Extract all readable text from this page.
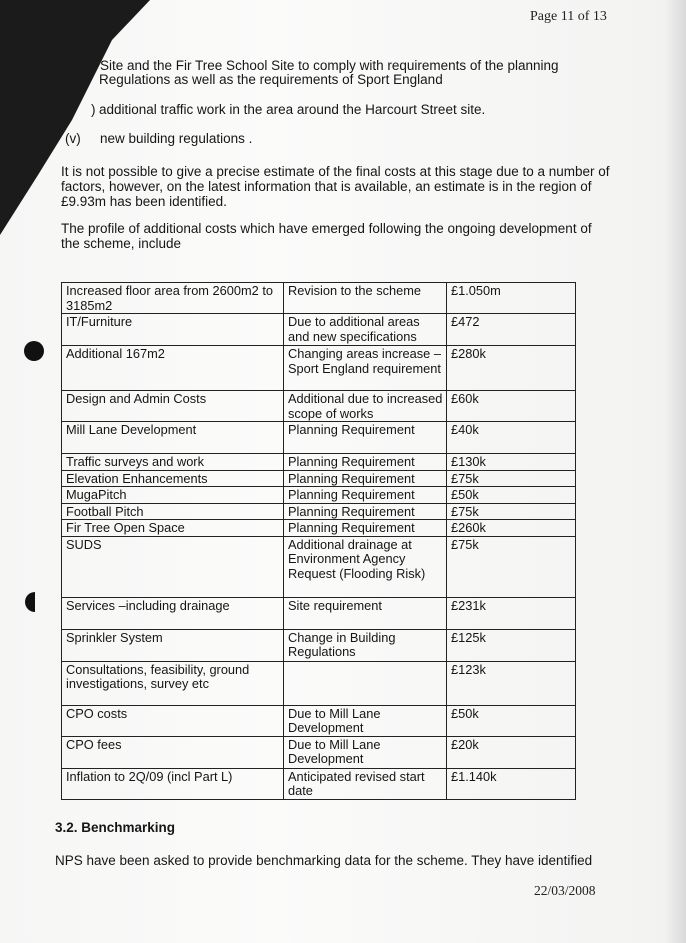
Page 11 of 13
Site and the Fir Tree School Site to comply with requirements of the planning
Regulations as well as the requirements of Sport England
) additional traffic work in the area around the Harcourt Street site.
(v) new building regulations .
It is not possible to give a precise estimate of the final costs at this stage due to a number of factors, however, on the latest information that is available, an estimate is in the region of £9.93m has been identified.
The profile of additional costs which have emerged following the ongoing development of the scheme, include
Increased floor area from 2600m2 to 3185m2	Revision to the scheme	£1.050m
IT/Furniture	Due to additional areas and new specifications	£472
Additional 167m2	Changing areas increase – Sport England requirement	£280k
Design and Admin Costs	Additional due to increased scope of works	£60k
Mill Lane Development	Planning Requirement	£40k
Traffic surveys and work	Planning Requirement	£130k
Elevation Enhancements	Planning Requirement	£75k
MugaPitch	Planning Requirement	£50k
Football Pitch	Planning Requirement	£75k
Fir Tree Open Space	Planning Requirement	£260k
SUDS	Additional drainage at Environment Agency Request (Flooding Risk)	£75k
Services –including drainage	Site requirement	£231k
Sprinkler System	Change in Building Regulations	£125k
Consultations, feasibility, ground investigations, survey etc		£123k
CPO costs	Due to Mill Lane Development	£50k
CPO fees	Due to Mill Lane Development	£20k
Inflation to 2Q/09 (incl Part L)	Anticipated revised start date	£1.140k
3.2. Benchmarking
NPS have been asked to provide benchmarking data for the scheme. They have identified
22/03/2008
